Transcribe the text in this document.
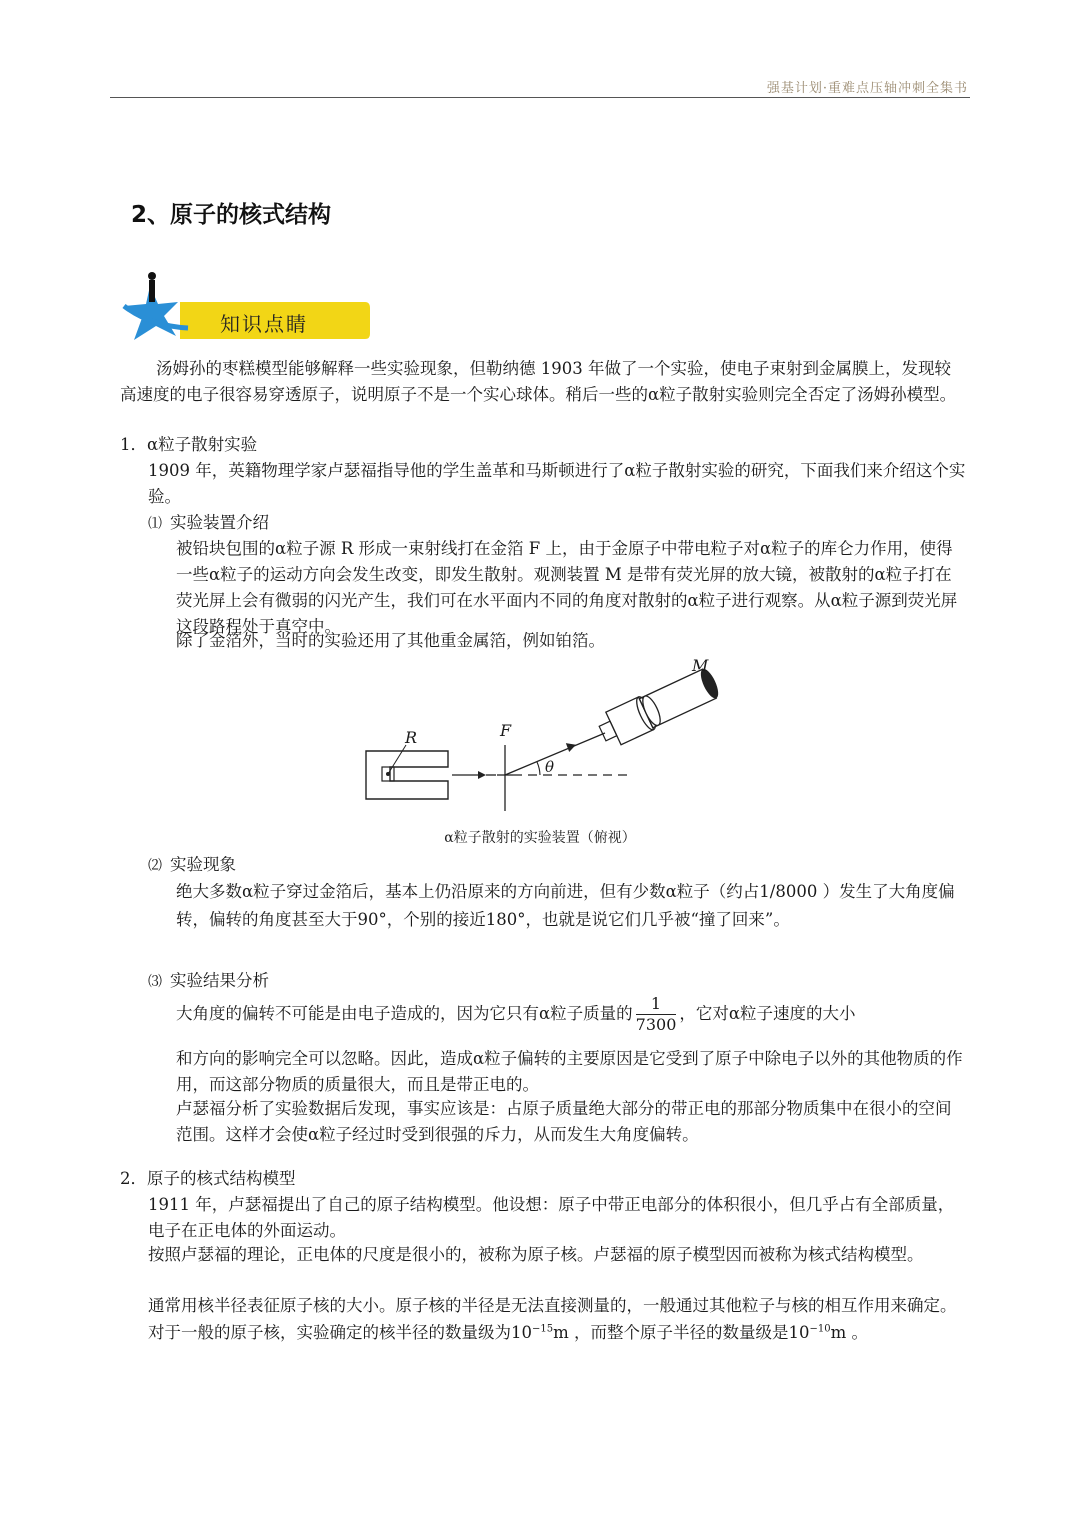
强基计划·重难点压轴冲刺全集书
2、原子的核式结构
知识点睛
汤姆孙的枣糕模型能够解释一些实验现象，但勒纳德 1903 年做了一个实验，使电子束射到金属膜上，发现较高速度的电子很容易穿透原子，说明原子不是一个实心球体。稍后一些的α粒子散射实验则完全否定了汤姆孙模型。
1．α粒子散射实验
1909 年，英籍物理学家卢瑟福指导他的学生盖革和马斯顿进行了α粒子散射实验的研究，下面我们来介绍这个实验。
⑴ 实验装置介绍
被铅块包围的α粒子源 R 形成一束射线打在金箔 F 上，由于金原子中带电粒子对α粒子的库仑力作用，使得一些α粒子的运动方向会发生改变，即发生散射。观测装置 M 是带有荧光屏的放大镜，被散射的α粒子打在荧光屏上会有微弱的闪光产生，我们可在水平面内不同的角度对散射的α粒子进行观察。从α粒子源到荧光屏这段路程处于真空中。
除了金箔外，当时的实验还用了其他重金属箔，例如铂箔。
M
R	F
θ
α粒子散射的实验装置（俯视）
⑵ 实验现象
绝大多数α粒子穿过金箔后，基本上仍沿原来的方向前进，但有少数α粒子（约占1/8000 ）发生了大角度偏转，偏转的角度甚至大于90°，个别的接近180°，也就是说它们几乎被“撞了回来”。
⑶ 实验结果分析
大角度的偏转不可能是由电子造成的，因为它只有α粒子质量的 $\frac{1}{7300}$ ，它对α粒子速度的大小
和方向的影响完全可以忽略。因此，造成α粒子偏转的主要原因是它受到了原子中除电子以外的其他物质的作用，而这部分物质的质量很大，而且是带正电的。
卢瑟福分析了实验数据后发现，事实应该是：占原子质量绝大部分的带正电的那部分物质集中在很小的空间范围。这样才会使α粒子经过时受到很强的斥力，从而发生大角度偏转。
2．原子的核式结构模型
1911 年，卢瑟福提出了自己的原子结构模型。他设想：原子中带正电部分的体积很小，但几乎占有全部质量，电子在正电体的外面运动。
按照卢瑟福的理论，正电体的尺度是很小的，被称为原子核。卢瑟福的原子模型因而被称为核式结构模型。
通常用核半径表征原子核的大小。原子核的半径是无法直接测量的，一般通过其他粒子与核的相互作用来确定。对于一般的原子核，实验确定的核半径的数量级为$10^{-15}m$ ，而整个原子半径的数量级是$10^{-10}m$ 。
